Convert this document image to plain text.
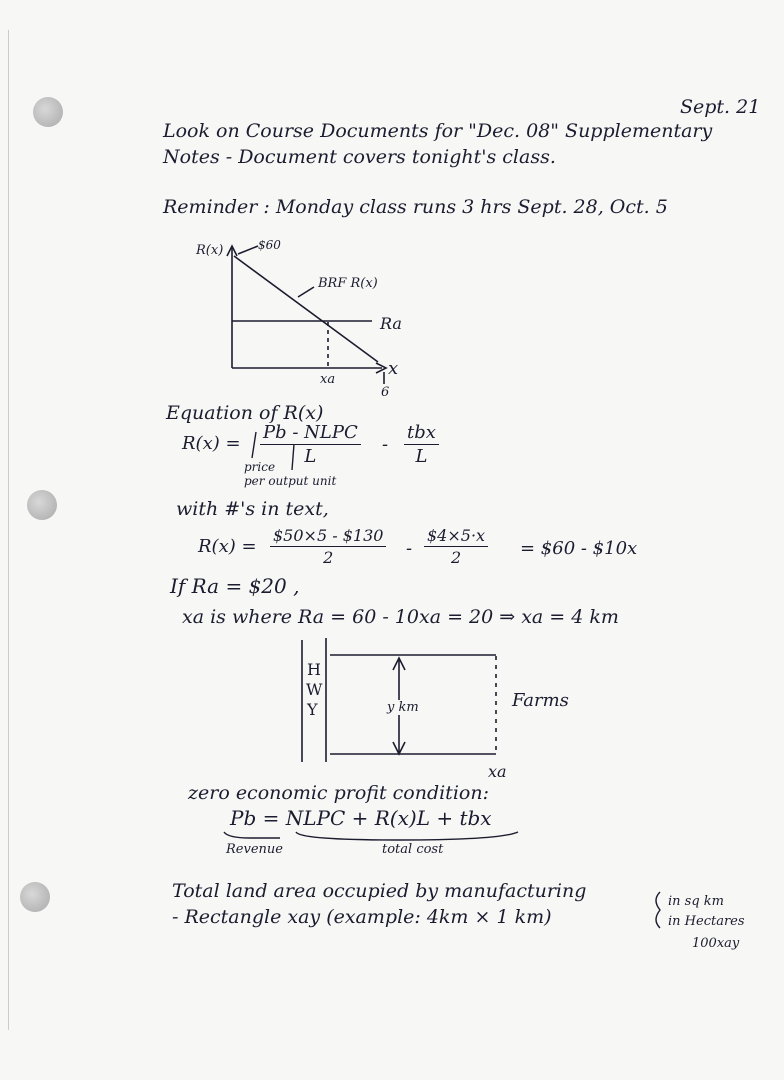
Sept. 21
Look on Course Documents for "Dec. 08" Supplementary
Notes - Document covers tonight's class.
Reminder : Monday class runs 3 hrs Sept. 28, Oct. 5
R(x)	$60
BRF R(x)
Ra
x
xa
6
Equation of R(x)
R(x) =
Pb - NLPC
L
-
tbx
L
price
per output unit
with #'s in text,
$R(x) = \frac{\$50\times 5 - \$130}{2} - \frac{\$4\times 5\cdot x}{2}$ = $60 - $10x
If Ra = $20 ,
xa is where Ra = 60 - 10xa = 20 ⇒ xa = 4 km
H
W
Y	y km	Farms
xa
zero economic profit condition:
Pb = NLPC + R(x)L + tbx
Revenue	total cost
Total land area occupied by manufacturing
- Rectangle xay (example: 4km × 1 km)
in sq km
in Hectares
100xay
